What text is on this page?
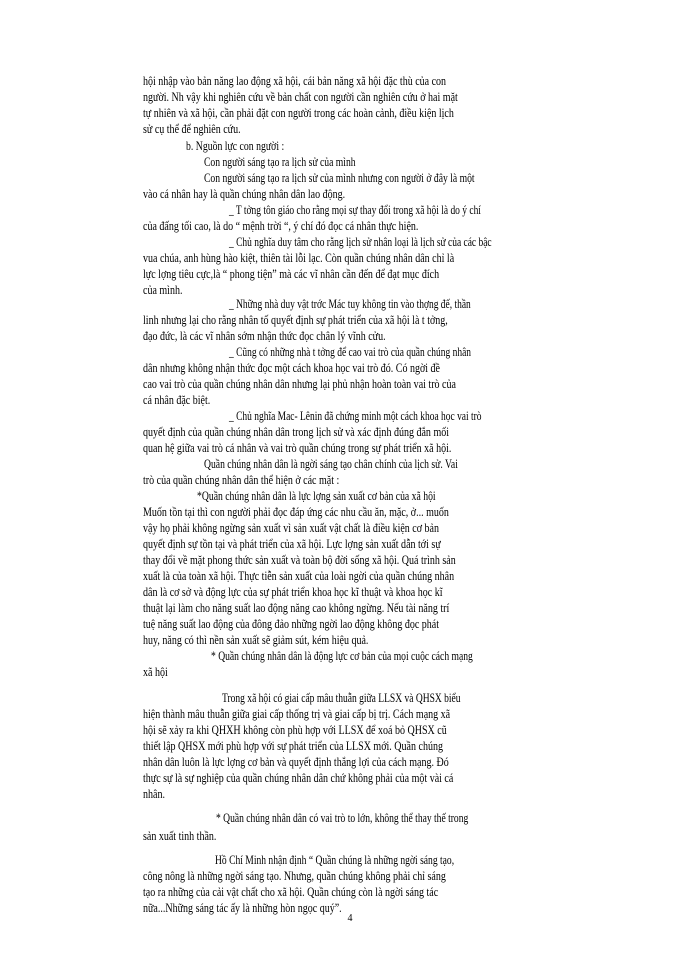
hội nhập vào bản năng lao động xã hội, cái bản năng xã hội đặc thù của con
người. Nh vậy khi nghiên cứu về bản chất con người cần nghiên cứu ở hai mặt
tự nhiên và xã hội, cần phải đặt con người trong các hoàn cảnh, điều kiện lịch
sử cụ thể để nghiên cứu.
b. Nguồn lực con người :
Con người sáng tạo ra lịch sử của mình
Con người sáng tạo ra lịch sử của mình nhưng con người ở đây là một
vào cá nhân hay là quần chúng nhân dân lao động.
_ T tởng tôn giáo cho rằng mọi sự thay đổi trong xã hội là do ý chí
của đấng tối cao, là do “ mệnh trời “, ý chí đó đọc cá nhân thực hiện.
_ Chủ nghĩa duy tâm cho rằng lịch sử nhân loại là lịch sử của các bậc
vua chúa, anh hùng hào kiệt, thiên tài lỗi lạc. Còn quần chúng nhân dân chỉ là
lực lợng tiêu cực,là “ phong tiện” mà các vĩ nhân cần đến để đạt mục đích
của mình.
_ Những nhà duy vật trớc Mác tuy không tin vào thợng đế, thần
linh nhưng lại cho rằng nhân tố quyết định sự phát triển của xã hội là t tởng,
đạo đức, là các vĩ nhân sớm nhận thức đọc chân lý vĩnh cửu.
_ Cũng có những nhà t tởng để cao vai trò của quần chúng nhân
dân nhưng không nhận thức đọc một cách khoa học vai trò đó. Có ngời đề
cao vai trò của quần chúng nhân dân nhưng lại phủ nhận hoàn toàn vai trò của
cá nhân đặc biệt.
_ Chủ nghĩa Mac- Lênin đã chứng minh một cách khoa học vai trò
quyết định của quần chúng nhân dân trong lịch sử và xác định đúng đắn mối
quan hệ giữa vai trò cá nhân và vai trò quần chúng trong sự phát triển xã hội.
Quần chúng nhân dân là ngời sáng tạo chân chính của lịch sử. Vai
trò của quần chúng nhân dân thể hiện ở các mặt :
*Quần chúng nhân dân là lực lợng sản xuất cơ bản của xã hội
Muốn tồn tại thì con người phải đọc đáp ứng các nhu cầu ăn, mặc, ở... muốn
vậy họ phải không ngừng sản xuất vì sản xuất vật chất là điều kiện cơ bản
quyết định sự tồn tại và phát triển của xã hội. Lực lợng sản xuất dẫn tới sự
thay đổi về mặt phong thức sản xuất và toàn bộ đời sống xã hội. Quá trình sản
xuất là của toàn xã hội. Thực tiễn sản xuất của loài ngời của quần chúng nhân
dân là cơ sở và động lực của sự phát triển khoa học kĩ thuật và khoa học kĩ
thuật lại làm cho năng suất lao động năng cao không ngừng. Nếu tài năng trí
tuệ năng suất lao động của đông đảo những ngời lao động không đọc phát
huy, năng có thì nền sản xuất sẽ giảm sút, kém hiệu quả.
* Quần chúng nhân dân là động lực cơ bản của mọi cuộc cách mạng
xã hội
Trong xã hội có giai cấp mâu thuẫn giữa LLSX và QHSX biểu
hiện thành mâu thuẫn giữa giai cấp thống trị và giai cấp bị trị. Cách mạng xã
hội sẽ xảy ra khi QHXH không còn phù hợp với LLSX để xoá bỏ QHSX cũ
thiết lập QHSX mới phù hợp với sự phát triển của LLSX mới. Quần chúng
nhân dân luôn là lực lợng cơ bản và quyết định thắng lợi của cách mạng. Đó
thực sự là sự nghiệp của quần chúng nhân dân chứ không phải của một vài cá
nhân.
* Quần chúng nhân dân có vai trò to lớn, không thể thay thế trong
sản xuất tinh thần.
Hồ Chí Minh nhận định “ Quần chúng là những ngời sáng tạo,
công nông là những ngời sáng tạo. Nhưng, quần chúng không phải chỉ sáng
tạo ra những của cải vật chất cho xã hội. Quần chúng còn là ngời sáng tác
nữa...Những sáng tác ấy là những hòn ngọc quý”.
4
